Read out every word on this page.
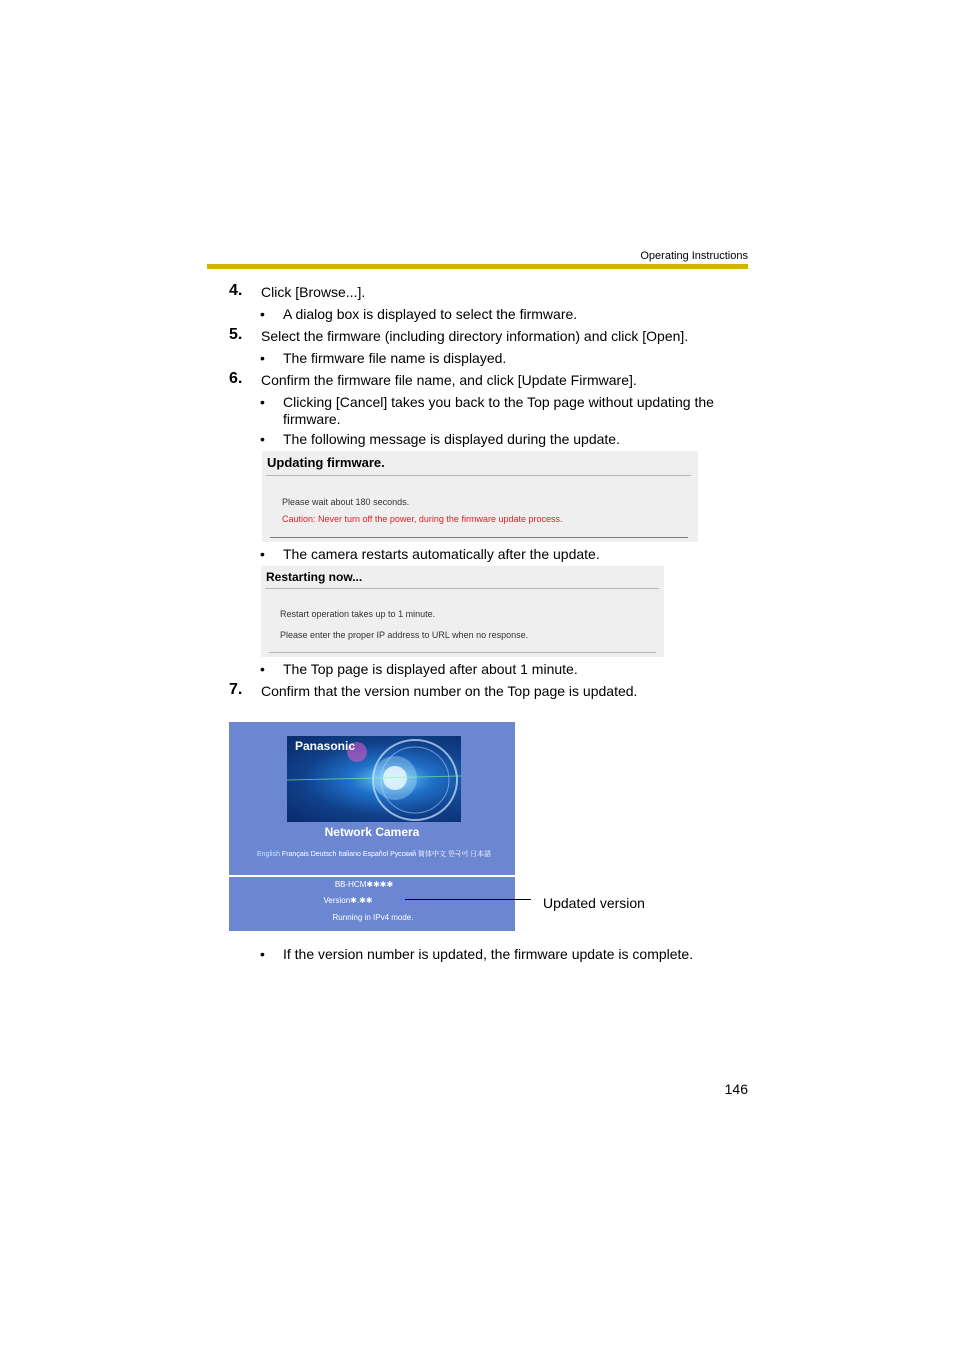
Operating Instructions
4. Click [Browse...].
• A dialog box is displayed to select the firmware.
5. Select the firmware (including directory information) and click [Open].
• The firmware file name is displayed.
6. Confirm the firmware file name, and click [Update Firmware].
• Clicking [Cancel] takes you back to the Top page without updating the
firmware.
• The following message is displayed during the update.
Updating firmware.
Please wait about 180 seconds.
Caution: Never turn off the power, during the firmware update process.
• The camera restarts automatically after the update.
Restarting now...
Restart operation takes up to 1 minute.
Please enter the proper IP address to URL when no response.
• The Top page is displayed after about 1 minute.
7. Confirm that the version number on the Top page is updated.
Panasonic
Network Camera
English Français Deutsch Italiano Español Русский 简体中文 한국어 日本語
BB-HCM✱✱✱✱
Version✱.✱✱
Running in IPv4 mode.
Updated version
• If the version number is updated, the firmware update is complete.
146
